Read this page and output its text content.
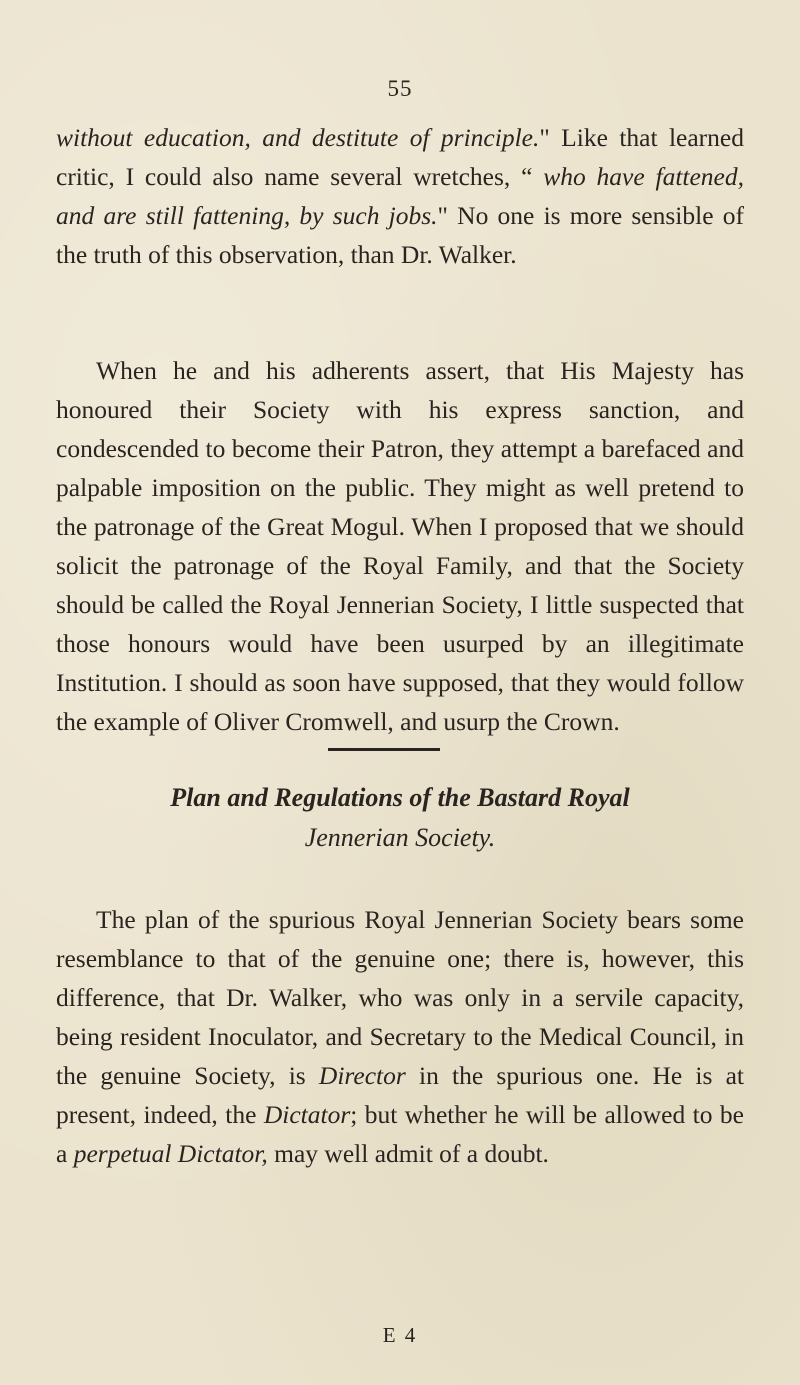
55

without education, and destitute of principle." Like that learned critic, I could also name several wretches, “ who have fattened, and are still fattening, by such jobs." No one is more sensible of the truth of this observation, than Dr. Walker.

When he and his adherents assert, that His Majesty has honoured their Society with his express sanction, and condescended to become their Patron, they attempt a barefaced and palpable imposition on the public. They might as well pretend to the patronage of the Great Mogul. When I proposed that we should solicit the patronage of the Royal Family, and that the Society should be called the Royal Jennerian Society, I little suspected that those honours would have been usurped by an illegitimate Institution. I should as soon have supposed, that they would follow the example of Oliver Cromwell, and usurp the Crown.

Plan and Regulations of the Bastard Royal
Jennerian Society.

The plan of the spurious Royal Jennerian Society bears some resemblance to that of the genuine one; there is, however, this difference, that Dr. Walker, who was only in a servile capacity, being resident Inoculator, and Secretary to the Medical Council, in the genuine Society, is Director in the spurious one. He is at present, indeed, the Dictator; but whether he will be allowed to be a perpetual Dictator, may well admit of a doubt.

E 4
